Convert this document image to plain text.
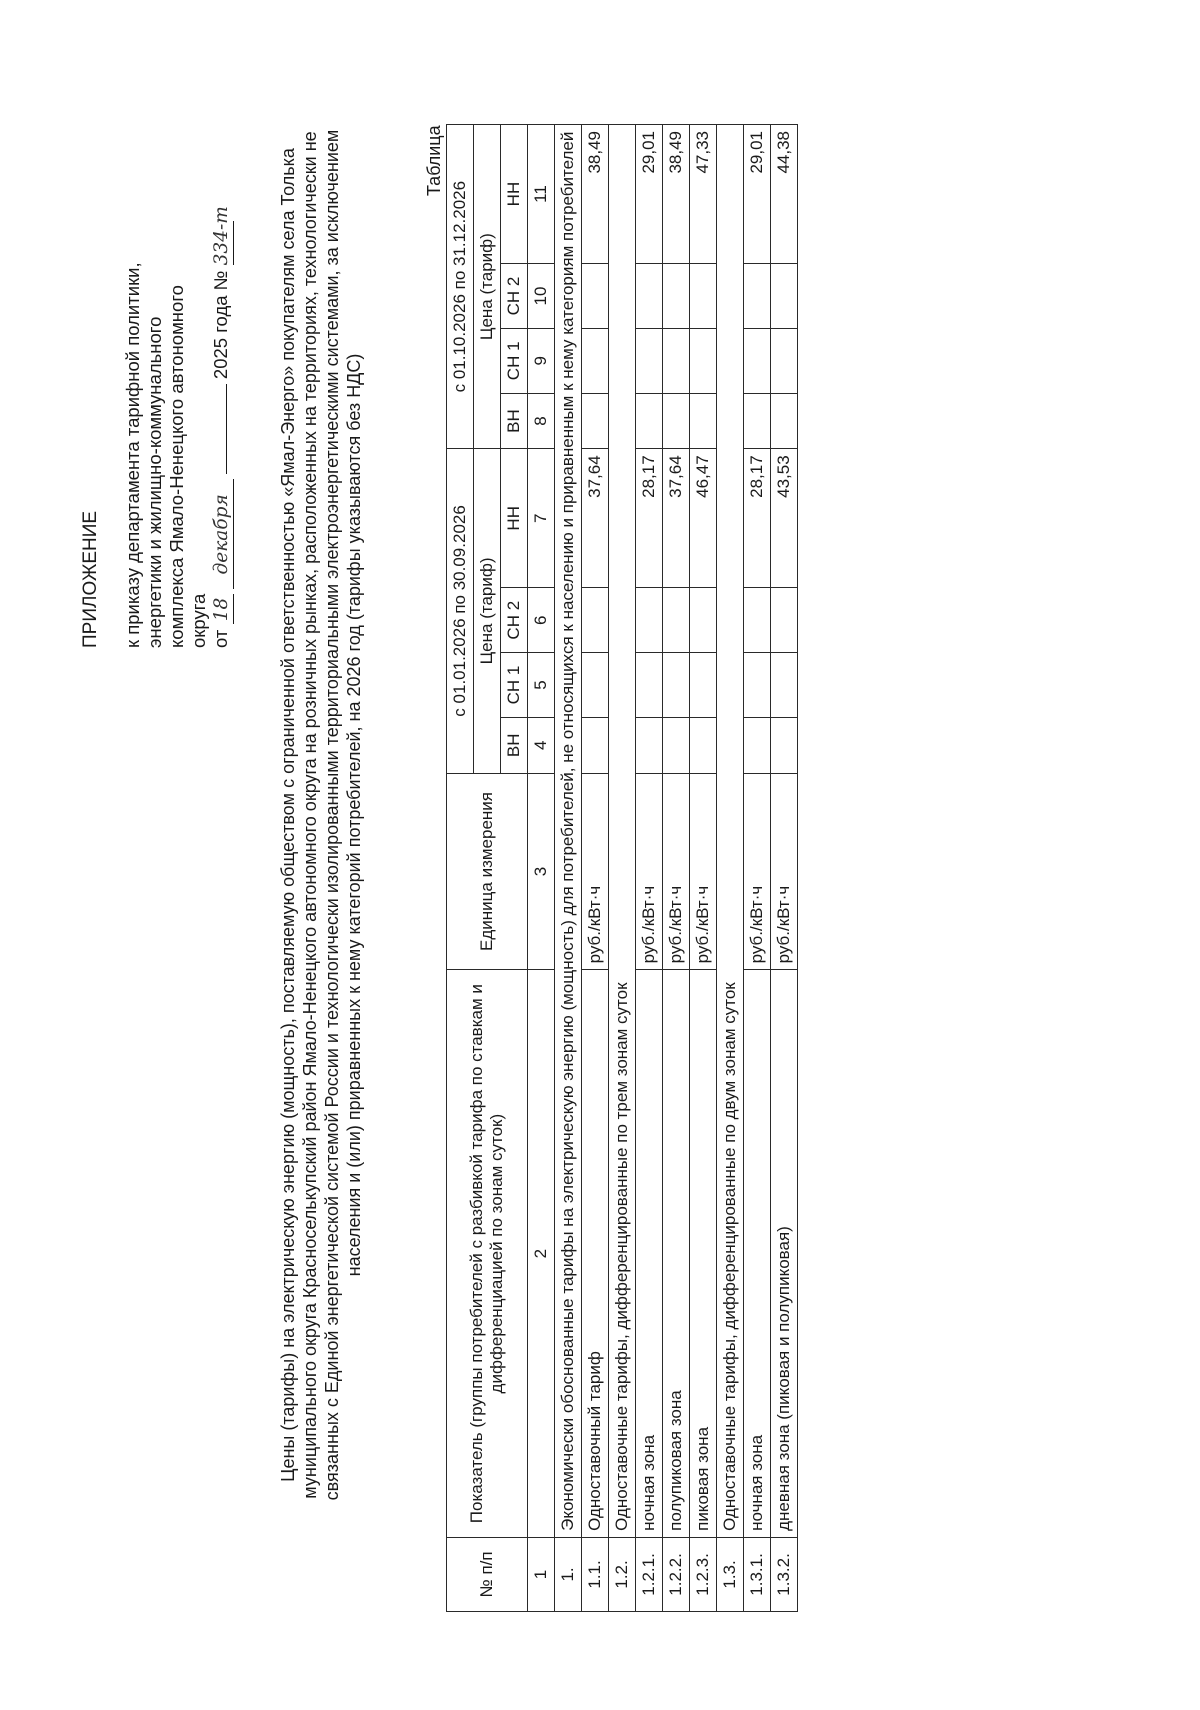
ПРИЛОЖЕНИЕ к приказу департамента тарифной политики, энергетики и жилищно-коммунального комплекса Ямало-Ненецкого автономного округа от 18 декабря  2025 года № 334-т	Цены (тарифы) на электрическую энергию (мощность), поставляемую обществом с ограниченной ответственностью «Ямал-Энерго» покупателям села Толька муниципального округа Красноселькупский район Ямало-Ненецкого автономного округа на розничных рынках, расположенных на территориях, технологически не связанных с Единой энергетической системой России и технологически изолированными территориальными электроэнергетическими системами, за исключением населения и (или) приравненных к нему категорий потребителей, на 2026 год (тарифы указываются без НДС)
Таблица
№ п/п	Показатель (группы потребителей с разбивкой тарифа по ставкам и дифференциацией по зонам суток)	Единица измерения	с 01.01.2026 по 30.09.2026				с 01.10.2026 по 31.12.2026			
			Цена (тариф)				Цена (тариф)			
			ВН	СН 1	СН 2	НН	ВН	СН 1	СН 2	НН
1	2	3	4	5	6	7	8	9	10	11
1.	Экономически обоснованные тарифы на электрическую энергию (мощность) для потребителей, не относящихся к населению и приравненным к нему категориям потребителей									
1.1.	Одноставочный тариф	руб./кВт·ч				37,64				38,49
1.2.	Одноставочные тарифы, дифференцированные по трем зонам суток									
1.2.1.	ночная зона	руб./кВт·ч				28,17				29,01
1.2.2.	полупиковая зона	руб./кВт·ч				37,64				38,49
1.2.3.	пиковая зона	руб./кВт·ч				46,47				47,33
1.3.	Одноставочные тарифы, дифференцированные по двум зонам суток									
1.3.1.	ночная зона	руб./кВт·ч				28,17				29,01
1.3.2.	дневная зона (пиковая и полупиковая)	руб./кВт·ч				43,53				44,38
